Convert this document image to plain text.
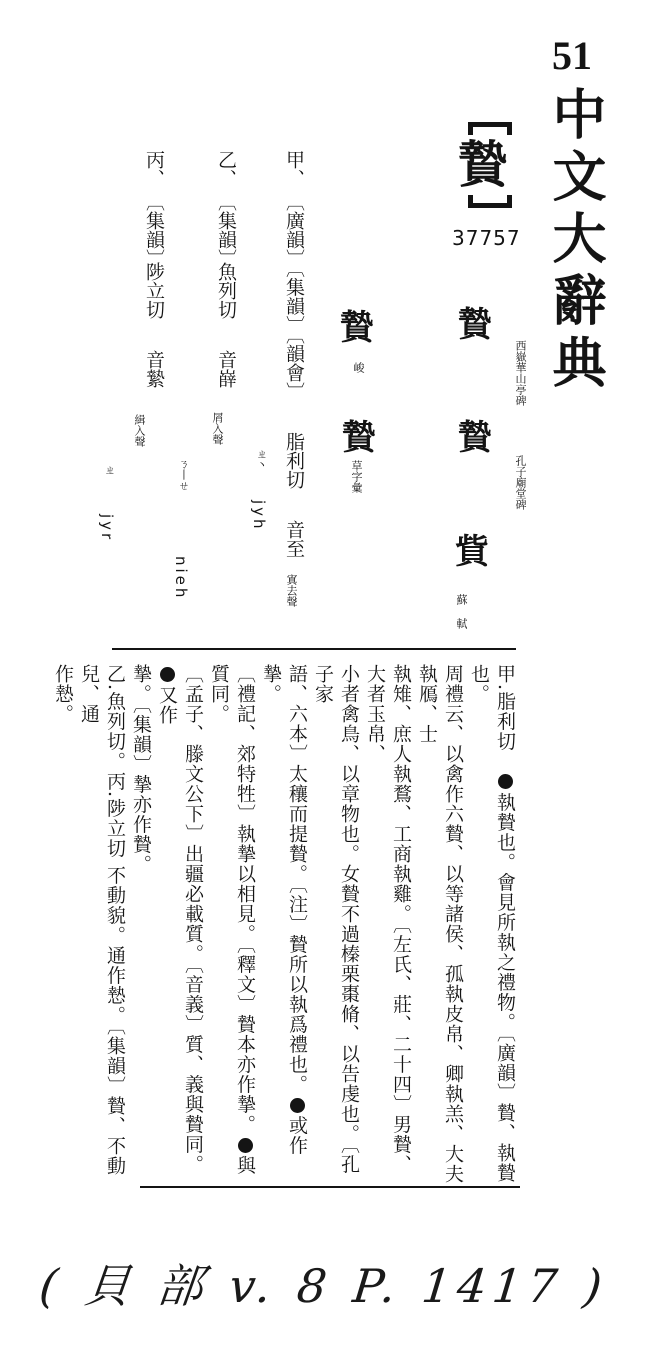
51
中文大辭典
贄
37757
贄
西嶽華山亭碑
贄
孔子廟堂碑
貲
蘇 軾
贄
峻
贄
草字彙
甲、
〔廣韻〕〔集韻〕〔韻會〕
脂利切
音至
寘去聲
ㄓ丶
jyh
乙、
〔集韻〕
魚列切
音嶭
屑入聲
ㄋ丨ㄝ
nieh
丙、
〔集韻〕
陟立切
音縶
緝入聲
ㄓ
jyr

甲.脂利切　執贄也。會見所執之禮物。〔廣韻〕贄、執贄也。

周禮云、以禽作六贄、以等諸侯、孤執皮帛、卿執羔、大夫執鴈、士

執雉、庶人執鶩、工商執雞。〔左氏、莊、二十四〕男贄、大者玉帛、

小者禽鳥、以章物也。女贄不過榛栗棗脩、以告虔也。〔孔子家

語、六本〕太穰而提贄。〔注〕贄所以執爲禮也。或作摯。

〔禮記、郊特牲〕執摯以相見。〔釋文〕贄本亦作摯。與質同。

〔孟子、滕文公下〕出疆必載質。〔音義〕質、義與贄同。又作

摯。〔集韻〕摯亦作贄。

乙.魚列切。丙.陟立切 不動貌。通作慹。〔集韻〕贄、不動兒、通

作慹。

( 貝 部 v. 8 P. 1417 )
